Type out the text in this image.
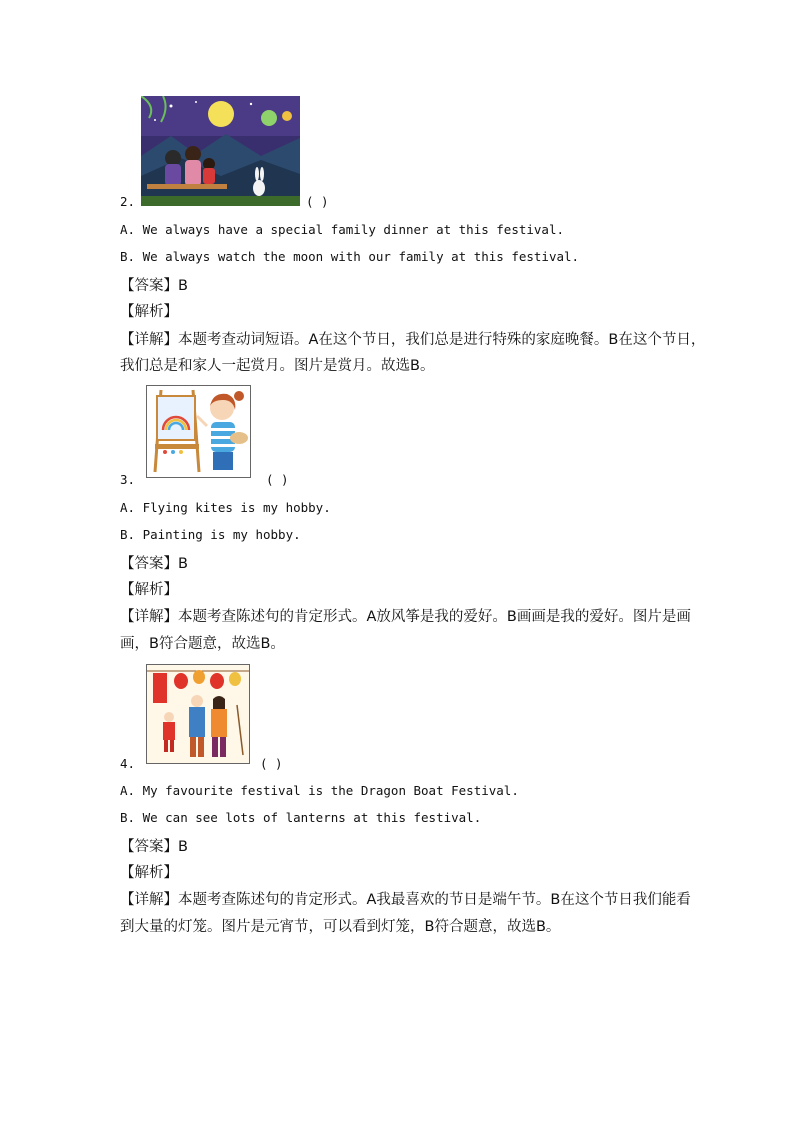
2.	( )
A. We always have a special family dinner at this festival.
B. We always watch the moon with our family at this festival.
【答案】B
【解析】
【详解】本题考查动词短语。A在这个节日，我们总是进行特殊的家庭晚餐。B在这个节日，
我们总是和家人一起赏月。图片是赏月。故选B。
3.	( )
A. Flying kites is my hobby.
B. Painting is my hobby.
【答案】B
【解析】
【详解】本题考查陈述句的肯定形式。A放风筝是我的爱好。B画画是我的爱好。图片是画
画，B符合题意，故选B。
4.	( )
A. My favourite festival is the Dragon Boat Festival.
B. We can see lots of lanterns at this festival.
【答案】B
【解析】
【详解】本题考查陈述句的肯定形式。A我最喜欢的节日是端午节。B在这个节日我们能看
到大量的灯笼。图片是元宵节，可以看到灯笼，B符合题意，故选B。
